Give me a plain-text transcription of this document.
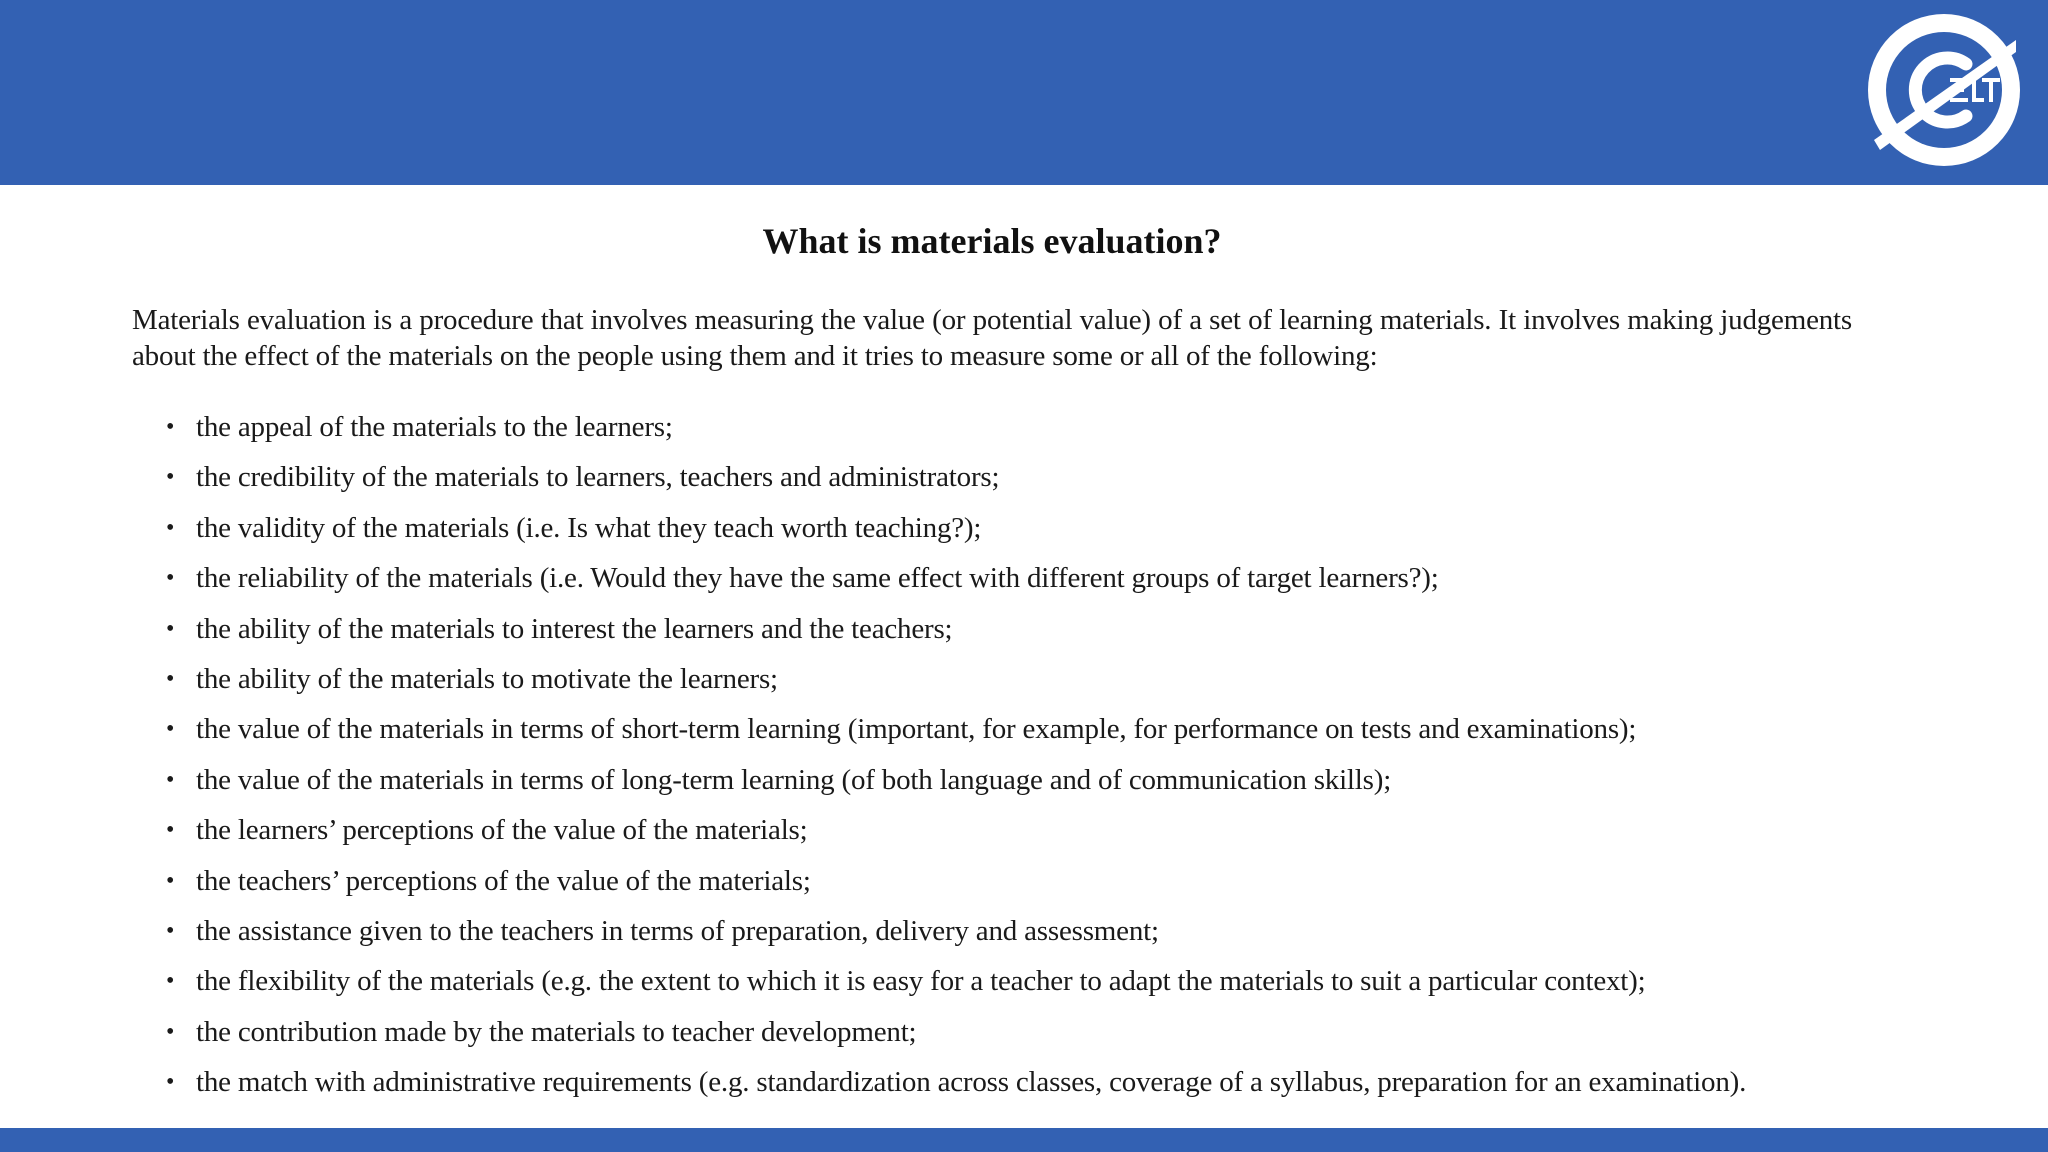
What is materials evaluation?

Materials evaluation is a procedure that involves measuring the value (or potential value) of a set of learning materials. It involves making judgements about the effect of the materials on the people using them and it tries to measure some or all of the following:

• the appeal of the materials to the learners;
• the credibility of the materials to learners, teachers and administrators;
• the validity of the materials (i.e. Is what they teach worth teaching?);
• the reliability of the materials (i.e. Would they have the same effect with different groups of target learners?);
• the ability of the materials to interest the learners and the teachers;
• the ability of the materials to motivate the learners;
• the value of the materials in terms of short-term learning (important, for example, for performance on tests and examinations);
• the value of the materials in terms of long-term learning (of both language and of communication skills);
• the learners’ perceptions of the value of the materials;
• the teachers’ perceptions of the value of the materials;
• the assistance given to the teachers in terms of preparation, delivery and assessment;
• the flexibility of the materials (e.g. the extent to which it is easy for a teacher to adapt the materials to suit a particular context);
• the contribution made by the materials to teacher development;
• the match with administrative requirements (e.g. standardization across classes, coverage of a syllabus, preparation for an examination).
